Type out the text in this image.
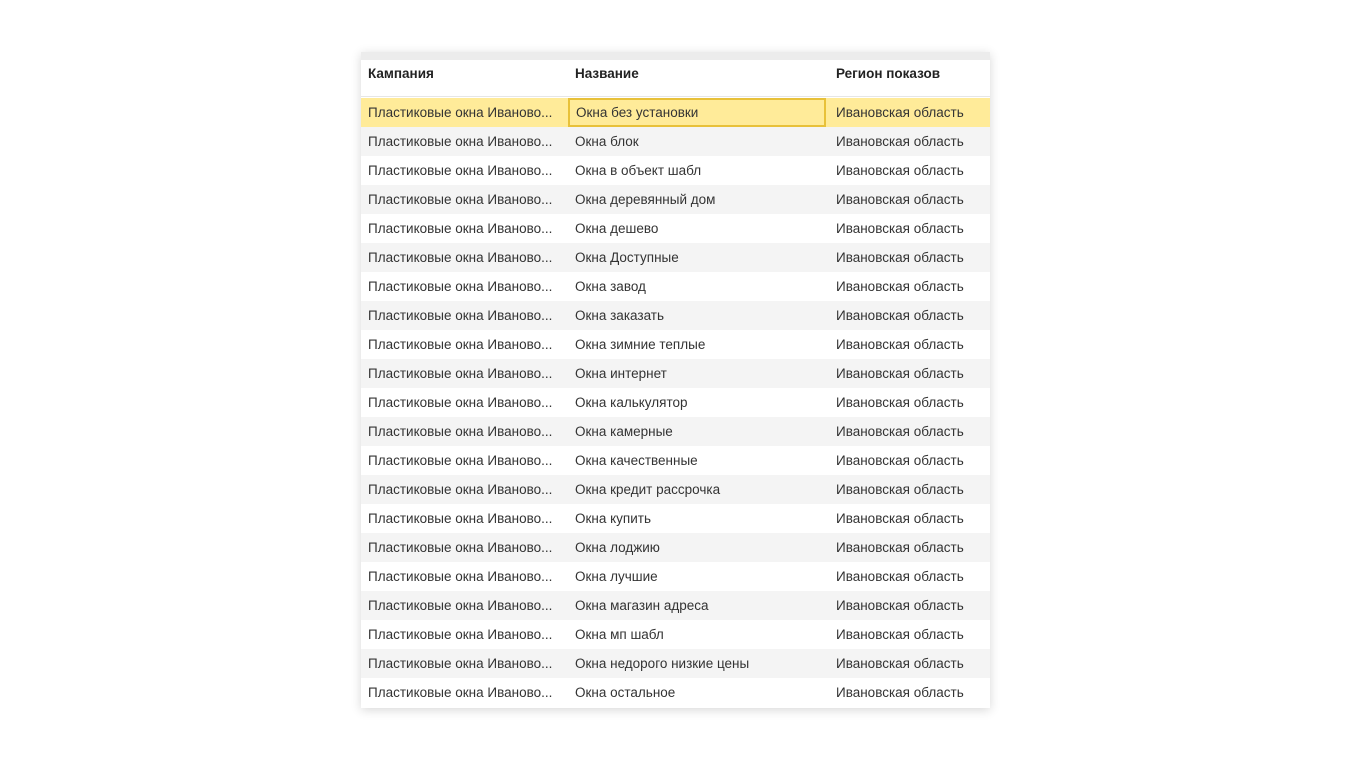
Кампания	Название	Регион показов
Пластиковые окна Иваново...	Окна без установки	Ивановская область
Пластиковые окна Иваново...	Окна блок	Ивановская область
Пластиковые окна Иваново...	Окна в объект шабл	Ивановская область
Пластиковые окна Иваново...	Окна деревянный дом	Ивановская область
Пластиковые окна Иваново...	Окна дешево	Ивановская область
Пластиковые окна Иваново...	Окна Доступные	Ивановская область
Пластиковые окна Иваново...	Окна завод	Ивановская область
Пластиковые окна Иваново...	Окна заказать	Ивановская область
Пластиковые окна Иваново...	Окна зимние теплые	Ивановская область
Пластиковые окна Иваново...	Окна интернет	Ивановская область
Пластиковые окна Иваново...	Окна калькулятор	Ивановская область
Пластиковые окна Иваново...	Окна камерные	Ивановская область
Пластиковые окна Иваново...	Окна качественные	Ивановская область
Пластиковые окна Иваново...	Окна кредит рассрочка	Ивановская область
Пластиковые окна Иваново...	Окна купить	Ивановская область
Пластиковые окна Иваново...	Окна лоджию	Ивановская область
Пластиковые окна Иваново...	Окна лучшие	Ивановская область
Пластиковые окна Иваново...	Окна магазин адреса	Ивановская область
Пластиковые окна Иваново...	Окна мп шабл	Ивановская область
Пластиковые окна Иваново...	Окна недорого низкие цены	Ивановская область
Пластиковые окна Иваново...	Окна остальное	Ивановская область
